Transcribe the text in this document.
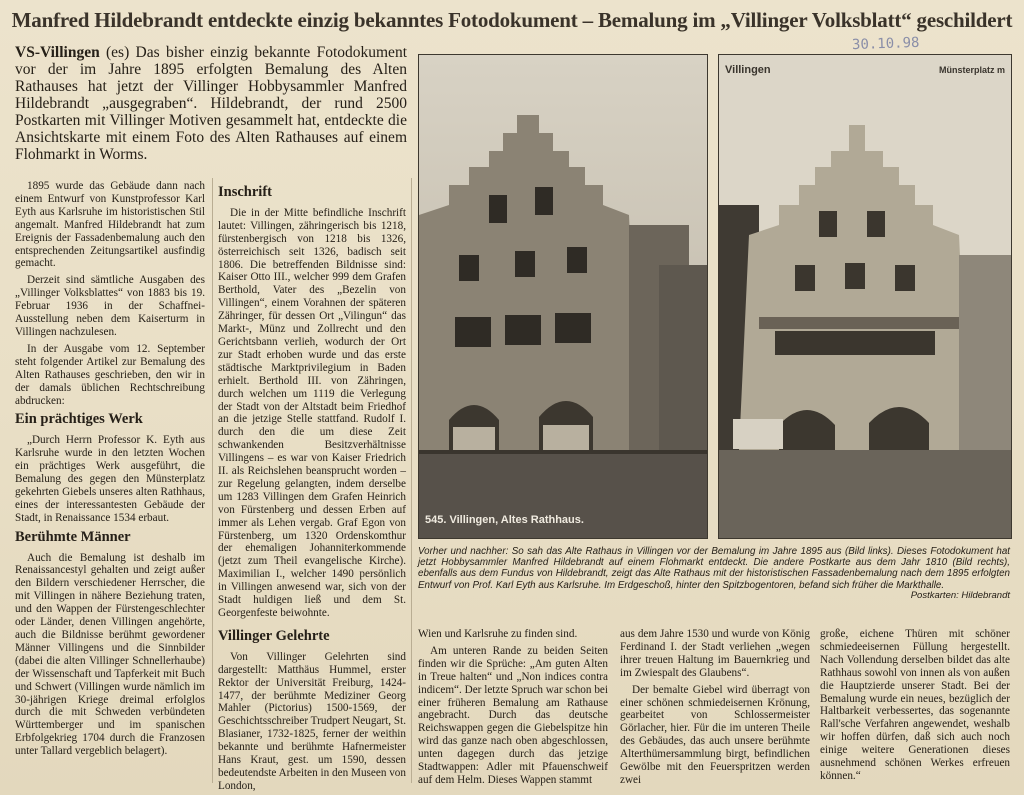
Manfred Hildebrandt entdeckte einzig bekanntes Fotodokument – Bemalung im „Villinger Volksblatt“ geschildert
30.10.98
VS-Villingen (es) Das bisher einzig bekannte Fotodokument vor der im Jahre 1895 erfolgten Bemalung des Alten Rathauses hat jetzt der Villinger Hobbysammler Manfred Hildebrandt „ausgegraben“. Hildebrandt, der rund 2500 Postkarten mit Villinger Motiven gesammelt hat, entdeckte die Ansichtskarte mit einem Foto des Alten Rathauses auf einem Flohmarkt in Worms.

1895 wurde das Gebäude dann nach einem Entwurf von Kunstprofessor Karl Eyth aus Karlsruhe im historistischen Stil angemalt. Manfred Hildebrandt hat zum Ereignis der Fassadenbemalung auch den entsprechenden Zeitungsartikel ausfindig gemacht.

Derzeit sind sämtliche Ausgaben des „Villinger Volksblattes“ von 1883 bis 19. Februar 1936 in der Schaffnei-Ausstellung neben dem Kaiserturm in Villingen nachzulesen.

In der Ausgabe vom 12. September steht folgender Artikel zur Bemalung des Alten Rathauses geschrieben, den wir in der damals üblichen Rechtschreibung abdrucken:

Ein prächtiges Werk

„Durch Herrn Professor K. Eyth aus Karlsruhe wurde in den letzten Wochen ein prächtiges Werk ausgeführt, die Bemalung des gegen den Münsterplatz gekehrten Giebels unseres alten Rathhaus, eines der interessantesten Gebäude der Stadt, in Renaissance 1534 erbaut.

Berühmte Männer

Auch die Bemalung ist deshalb im Renaissancestyl gehalten und zeigt außer den Bildern verschiedener Herrscher, die mit Villingen in nähere Beziehung traten, und den Wappen der Fürstengeschlechter oder Länder, denen Villingen angehörte, auch die Bildnisse berühmt gewordener Männer Villingens und die Sinnbilder (dabei die alten Villinger Schnellerhaube) der Wissenschaft und Tapferkeit mit Buch und Schwert (Villingen wurde nämlich im 30-jährigen Kriege dreimal erfolglos durch die mit Schweden verbündeten Württemberger und im spanischen Erbfolgekrieg 1704 durch die Franzosen unter Tallard vergeblich belagert).

Inschrift

Die in der Mitte befindliche Inschrift lautet: Villingen, zähringerisch bis 1218, fürstenbergisch von 1218 bis 1326, österreichisch seit 1326, badisch seit 1806. Die betreffenden Bildnisse sind: Kaiser Otto III., welcher 999 dem Grafen Berthold, Vater des „Bezelin von Villingen“, einem Vorahnen der späteren Zähringer, für dessen Ort „Vilingun“ das Markt-, Münz und Zollrecht und den Gerichtsbann verlieh, wodurch der Ort zur Stadt erhoben wurde und das erste städtische Marktprivilegium in Baden erhielt. Berthold III. von Zähringen, durch welchen um 1119 die Verlegung der Stadt von der Altstadt beim Friedhof an die jetzige Stelle stattfand. Rudolf I. durch den die um diese Zeit schwankenden Besitzverhältnisse Villingens – es war von Kaiser Friedrich II. als Reichslehen beansprucht worden – zur Regelung gelangten, indem derselbe um 1283 Villingen dem Grafen Heinrich von Fürstenberg und dessen Erben auf immer als Lehen vergab. Graf Egon von Fürstenberg, um 1320 Ordenskomthur der ehemaligen Johanniterkommende (jetzt zum Theil evangelische Kirche). Maximilian I., welcher 1490 persönlich in Villingen anwesend war, sich von der Stadt huldigen ließ und dem St. Georgenfeste beiwohnte.

Villinger Gelehrte

Von Villinger Gelehrten sind dargestellt: Matthäus Hummel, erster Rektor der Universität Freiburg, 1424-1477, der berühmte Mediziner Georg Mahler (Pictorius) 1500-1569, der Geschichtsschreiber Trudpert Neugart, St. Blasianer, 1732-1825, ferner der weithin bekannte und berühmte Hafnermeister Hans Kraut, gest. um 1590, dessen bedeutendste Arbeiten in den Museen von London,

545. Villingen, Altes Rathhaus.
Villingen	Münsterplatz m
Vorher und nachher: So sah das Alte Rathaus in Villingen vor der Bemalung im Jahre 1895 aus (Bild links). Dieses Fotodokument hat jetzt Hobbysammler Manfred Hildebrandt auf einem Flohmarkt entdeckt. Die andere Postkarte aus dem Jahr 1810 (Bild rechts), ebenfalls aus dem Fundus von Hildebrandt, zeigt das Alte Rathaus mit der historistischen Fassadenbemalung nach dem 1895 erfolgten Entwurf von Prof. Karl Eyth aus Karlsruhe. Im Erdgeschoß, hinter den Spitzbogentoren, befand sich früher die Markthalle.
Postkarten: Hildebrandt

Wien und Karlsruhe zu finden sind.

Am unteren Rande zu beiden Seiten finden wir die Sprüche: „Am guten Alten in Treue halten“ und „Non indices contra indicem“. Der letzte Spruch war schon bei einer früheren Bemalung am Rathause angebracht. Durch das deutsche Reichswappen gegen die Giebelspitze hin wird das ganze nach oben abgeschlossen, unten dagegen durch das jetzige Stadtwappen: Adler mit Pfauenschweif auf dem Helm. Dieses Wappen stammt

aus dem Jahre 1530 und wurde von König Ferdinand I. der Stadt verliehen „wegen ihrer treuen Haltung im Bauernkrieg und im Zwiespalt des Glaubens“.

Der bemalte Giebel wird überragt von einer schönen schmiedeisernen Krönung, gearbeitet von Schlossermeister Görlacher, hier. Für die im unteren Theile des Gebäudes, das auch unsere berühmte Alterthümersammlung birgt, befindlichen Gewölbe mit den Feuerspritzen werden zwei

große, eichene Thüren mit schöner schmiedeeisernen Füllung hergestellt. Nach Vollendung derselben bildet das alte Rathhaus sowohl von innen als von außen die Hauptzierde unserer Stadt. Bei der Bemalung wurde ein neues, bezüglich der Haltbarkeit verbessertes, das sogenannte Rall'sche Verfahren angewendet, weshalb wir hoffen dürfen, daß sich auch noch einige weitere Generationen dieses ausnehmend schönen Werkes erfreuen können.“
